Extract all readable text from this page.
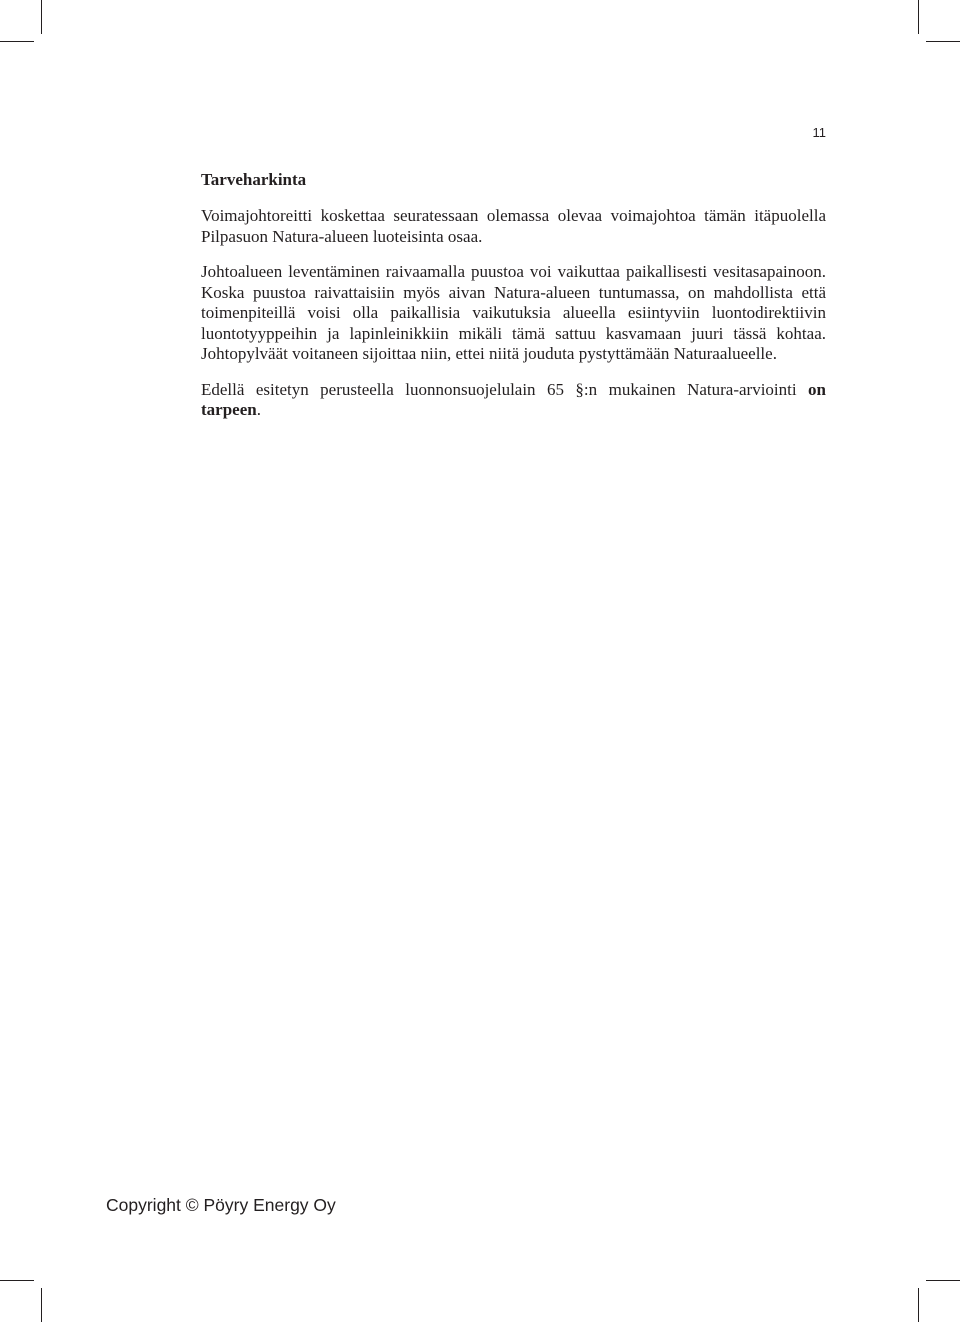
11
Tarveharkinta

Voimajohtoreitti koskettaa seuratessaan olemassa olevaa voimajohtoa tämän itäpuolella Pilpasuon Natura-alueen luoteisinta osaa.

Johtoalueen leventäminen raivaamalla puustoa voi vaikuttaa paikallisesti vesitasapainoon. Koska puustoa raivattaisiin myös aivan Natura-alueen tuntumassa, on mahdollista että toimenpiteillä voisi olla paikallisia vaikutuksia alueella esiintyviin luontodirektiivin luontotyyppeihin ja lapinleinikkiin mikäli tämä sattuu kasvamaan juuri tässä kohtaa. Johtopylväät voitaneen sijoittaa niin, ettei niitä jouduta pystyttämään Naturaalueelle.

Edellä esitetyn perusteella luonnonsuojelulain 65 §:n mukainen Natura-arviointi on tarpeen.

Copyright © Pöyry Energy Oy
